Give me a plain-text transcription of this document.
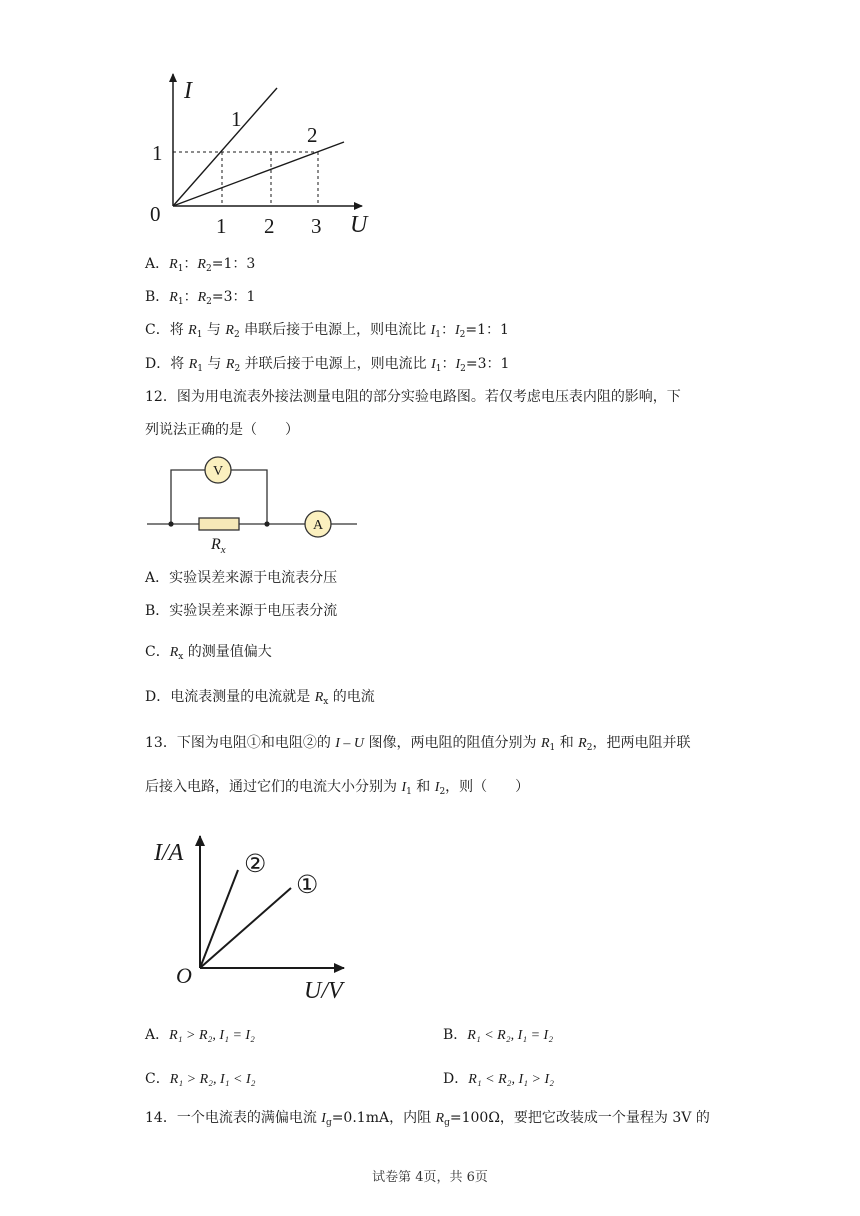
I
U
0	1 2 3
1
1
2
A．$R_1$：$R_2=1$：3
B．$R_1$：$R_2=3$：1
C．将 $R_1$ 与 $R_2$ 串联后接于电源上，则电流比 $I_1$：$I_2=1$：1
D．将 $R_1$ 与 $R_2$ 并联后接于电源上，则电流比 $I_1$：$I_2=3$：1
12．图为用电流表外接法测量电阻的部分实验电路图。若仅考虑电压表内阻的影响，下
列说法正确的是（　　）
V
A
$R_x$
A．实验误差来源于电流表分压
B．实验误差来源于电压表分流
C．$R_x$ 的测量值偏大
D．电流表测量的电流就是 $R_x$ 的电流
13．下图为电阻①和电阻②的 I – U 图像，两电阻的阻值分别为 $R_1$ 和 $R_2$，把两电阻并联
后接入电路，通过它们的电流大小分别为 $I_1$ 和 $I_2$，则（　　）
I/A
U/V
O
②
①
A．R₁ > R₂, I₁ = I₂	B．R₁ < R₂, I₁ = I₂
C．R₁ > R₂, I₁ < I₂	D．R₁ < R₂, I₁ > I₂
14．一个电流表的满偏电流 $I_g=0.1mA$，内阻 $R_g=100\Omega$，要把它改装成一个量程为 3V 的
试卷第 4页，共 6页
